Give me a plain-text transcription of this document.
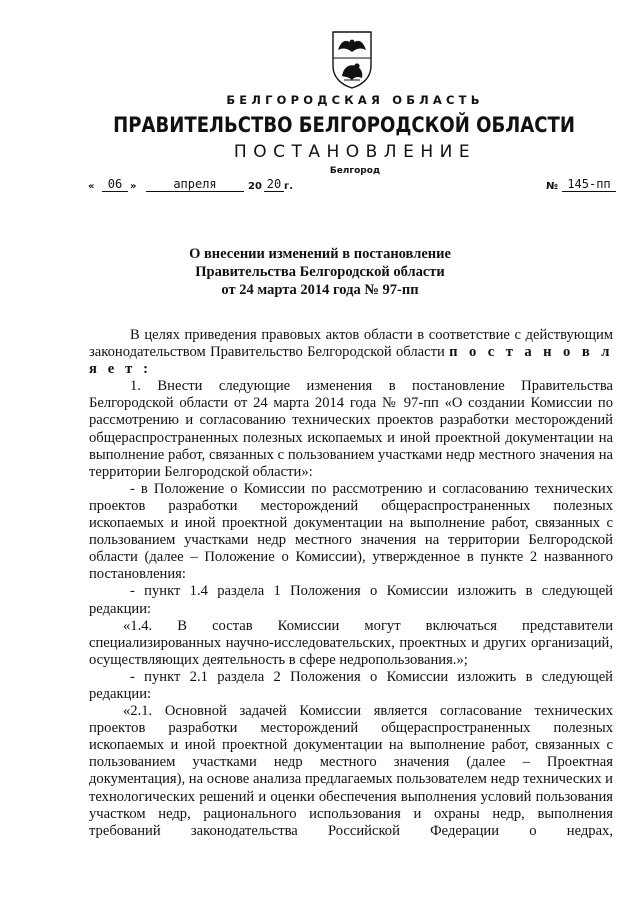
БЕЛГОРОДСКАЯ ОБЛАСТЬ
ПРАВИТЕЛЬСТВО БЕЛГОРОДСКОЙ ОБЛАСТИ
ПОСТАНОВЛЕНИЕ
Белгород
«	06 »	апреля	20 20 г.	№ 145-пп
О внесении изменений в постановление
Правительства Белгородской области
от 24 марта 2014 года № 97-пп

В целях приведения правовых актов области в соответствие с действующим законодательством Правительство Белгородской области п о с т а н о в л я е т :

1. Внести следующие изменения в постановление Правительства Белгородской области от 24 марта 2014 года № 97-пп «О создании Комиссии по рассмотрению и согласованию технических проектов разработки месторождений общераспространенных полезных ископаемых и иной проектной документации на выполнение работ, связанных с пользованием участками недр местного значения на территории Белгородской области»:

- в Положение о Комиссии по рассмотрению и согласованию технических проектов разработки месторождений общераспространенных полезных ископаемых и иной проектной документации на выполнение работ, связанных с пользованием участками недр местного значения на территории Белгородской области (далее – Положение о Комиссии), утвержденное в пункте 2 названного постановления:

- пункт 1.4 раздела 1 Положения о Комиссии изложить в следующей редакции:

«1.4. В состав Комиссии могут включаться представители специализированных научно-исследовательских, проектных и других организаций, осуществляющих деятельность в сфере недропользования.»;

- пункт 2.1 раздела 2 Положения о Комиссии изложить в следующей редакции:

«2.1. Основной задачей Комиссии является согласование технических проектов разработки месторождений общераспространенных полезных ископаемых и иной проектной документации на выполнение работ, связанных с пользованием участками недр местного значения (далее – Проектная документация), на основе анализа предлагаемых пользователем недр технических и технологических решений и оценки обеспечения выполнения условий пользования участком недр, рационального использования и охраны недр, выполнения требований законодательства Российской Федерации о недрах,
